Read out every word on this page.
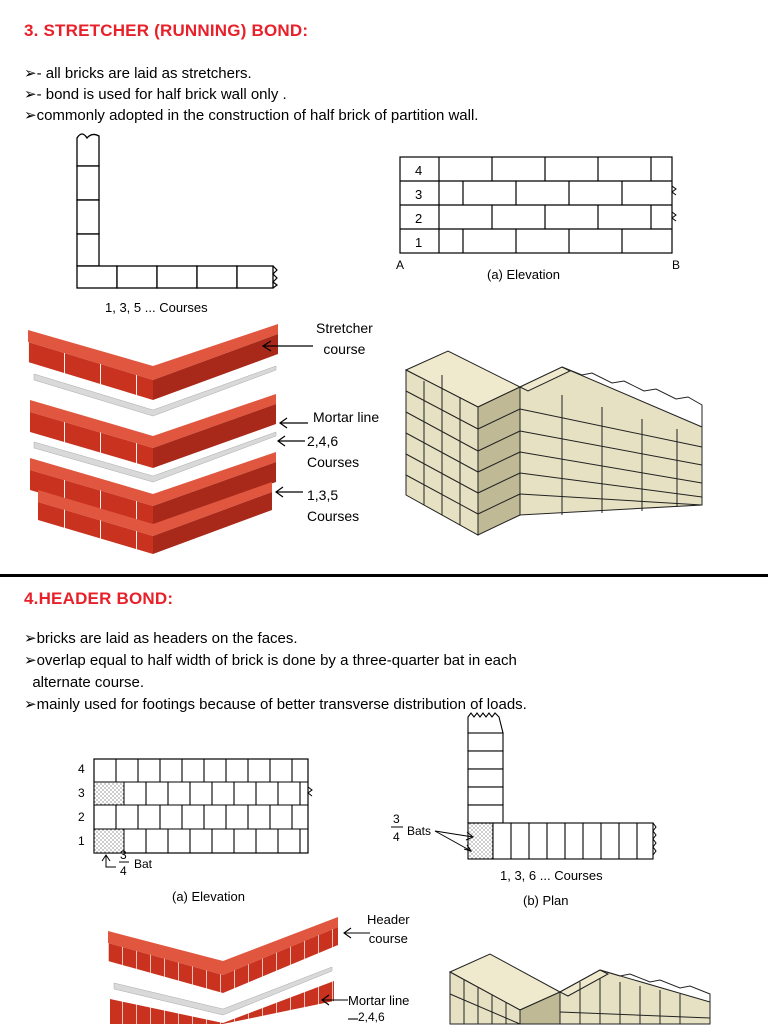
3. STRETCHER (RUNNING) BOND:
➢- all bricks are laid as stretchers.
➢- bond is used for half brick wall only .
➢commonly adopted in the construction of half brick of partition wall.
1, 3, 5 ... Courses
4
3
2
1
A	B
(a) Elevation
Stretcher
course
Mortar line
2,4,6
Courses
1,3,5
Courses
4.HEADER BOND:
➢bricks are laid as headers on the faces.
➢overlap equal to half width of brick is done by a three-quarter bat in each
alternate course.
➢mainly used for footings because of better transverse distribution of loads.
4
3
2
1
3
4 Bat
(a) Elevation
3
4 Bats
1, 3, 6 ... Courses
(b) Plan
Header
course
Mortar line
2,4,6
